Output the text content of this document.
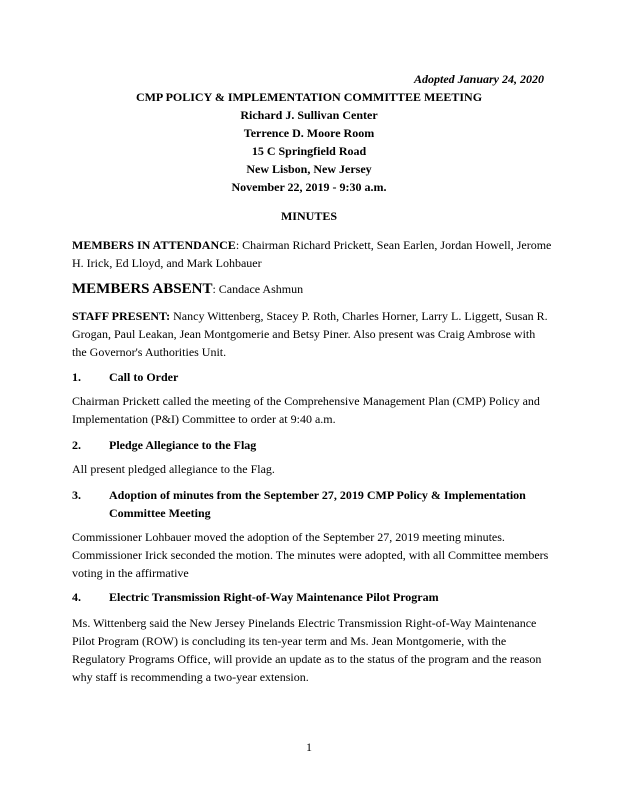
Adopted January 24, 2020
CMP POLICY & IMPLEMENTATION COMMITTEE MEETING
Richard J. Sullivan Center
Terrence D. Moore Room
15 C Springfield Road
New Lisbon, New Jersey
November 22, 2019 - 9:30 a.m.
MINUTES
MEMBERS IN ATTENDANCE: Chairman Richard Prickett, Sean Earlen, Jordan Howell, Jerome H. Irick, Ed Lloyd, and Mark Lohbauer
MEMBERS ABSENT: Candace Ashmun
STAFF PRESENT: Nancy Wittenberg, Stacey P. Roth, Charles Horner, Larry L. Liggett, Susan R. Grogan, Paul Leakan, Jean Montgomerie and Betsy Piner. Also present was Craig Ambrose with the Governor's Authorities Unit.
1. Call to Order
Chairman Prickett called the meeting of the Comprehensive Management Plan (CMP) Policy and Implementation (P&I) Committee to order at 9:40 a.m.
2. Pledge Allegiance to the Flag
All present pledged allegiance to the Flag.
3. Adoption of minutes from the September 27, 2019 CMP Policy & Implementation Committee Meeting
Commissioner Lohbauer moved the adoption of the September 27, 2019 meeting minutes. Commissioner Irick seconded the motion. The minutes were adopted, with all Committee members voting in the affirmative
4. Electric Transmission Right-of-Way Maintenance Pilot Program
Ms. Wittenberg said the New Jersey Pinelands Electric Transmission Right-of-Way Maintenance Pilot Program (ROW) is concluding its ten-year term and Ms. Jean Montgomerie, with the Regulatory Programs Office, will provide an update as to the status of the program and the reason why staff is recommending a two-year extension.
1
